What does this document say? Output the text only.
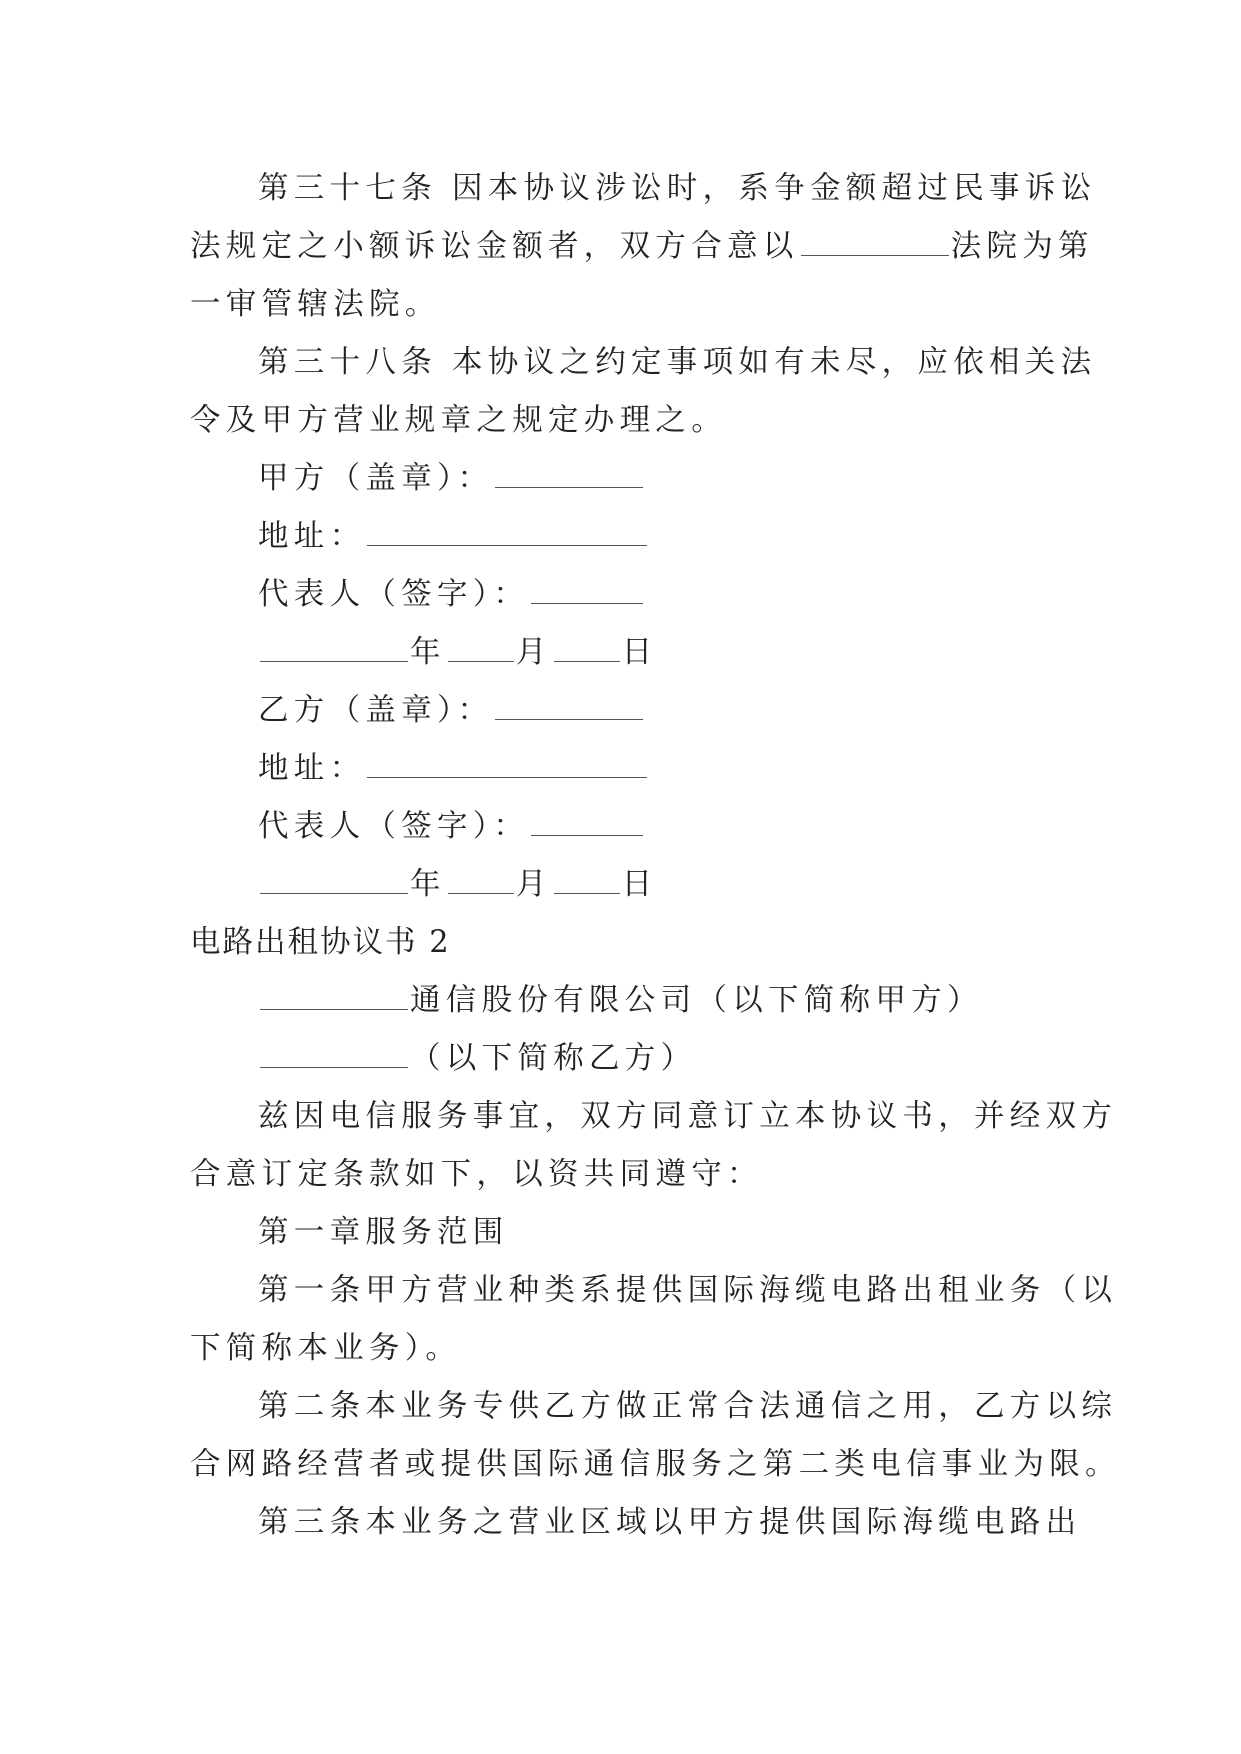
第三十七条 因本协议涉讼时，系争金额超过民事诉讼
法规定之小额诉讼金额者，双方合意以	法院为第
一审管辖法院。
第三十八条 本协议之约定事项如有未尽，应依相关法
令及甲方营业规章之规定办理之。
甲方（盖章）：
地址：
代表人（签字）：
年 月 日
乙方（盖章）：
地址：
代表人（签字）：
年 月 日
电路出租协议书 2
通信股份有限公司（以下简称甲方）
（以下简称乙方）
兹因电信服务事宜，双方同意订立本协议书，并经双方
合意订定条款如下，以资共同遵守：
第一章服务范围
第一条甲方营业种类系提供国际海缆电路出租业务（以
下简称本业务）。
第二条本业务专供乙方做正常合法通信之用，乙方以综
合网路经营者或提供国际通信服务之第二类电信事业为限。
第三条本业务之营业区域以甲方提供国际海缆电路出
